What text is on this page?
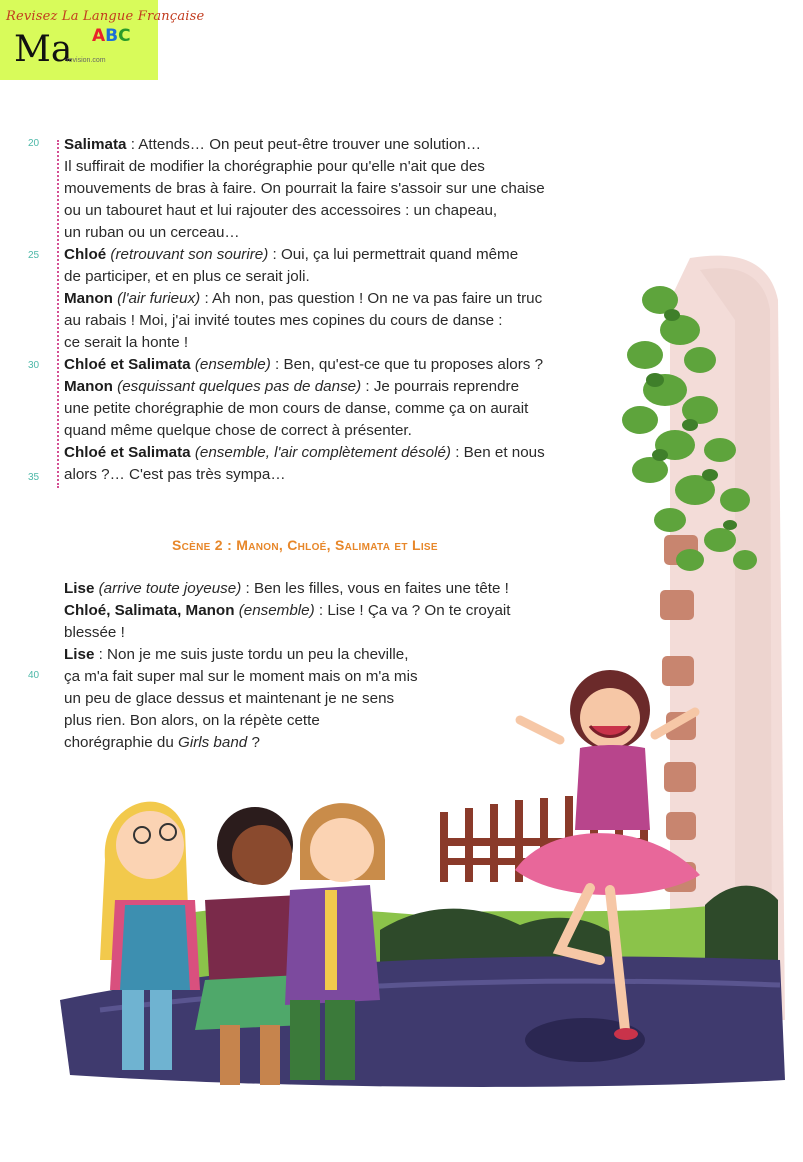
Revisez La Langue Française
Ma ABC
-revision.com
20
25
30
35
40
Salimata : Attends… On peut peut-être trouver une solution…
Il suffirait de modifier la chorégraphie pour qu'elle n'ait que des
mouvements de bras à faire. On pourrait la faire s'assoir sur une chaise
ou un tabouret haut et lui rajouter des accessoires : un chapeau,
un ruban ou un cerceau…
Chloé (retrouvant son sourire) : Oui, ça lui permettrait quand même
de participer, et en plus ce serait joli.
Manon (l'air furieux) : Ah non, pas question ! On ne va pas faire un truc
au rabais ! Moi, j'ai invité toutes mes copines du cours de danse :
ce serait la honte !
Chloé et Salimata (ensemble) : Ben, qu'est-ce que tu proposes alors ?
Manon (esquissant quelques pas de danse) : Je pourrais reprendre
une petite chorégraphie de mon cours de danse, comme ça on aurait
quand même quelque chose de correct à présenter.
Chloé et Salimata (ensemble, l'air complètement désolé) : Ben et nous
alors ?… C'est pas très sympa…
Scène 2 : Manon, Chloé, Salimata et Lise
Lise (arrive toute joyeuse) : Ben les filles, vous en faites une tête !
Chloé, Salimata, Manon (ensemble) : Lise ! Ça va ? On te croyait
blessée !
Lise : Non je me suis juste tordu un peu la cheville,
ça m'a fait super mal sur le moment mais on m'a mis
un peu de glace dessus et maintenant je ne sens
plus rien. Bon alors, on la répète cette
chorégraphie du Girls band ?
